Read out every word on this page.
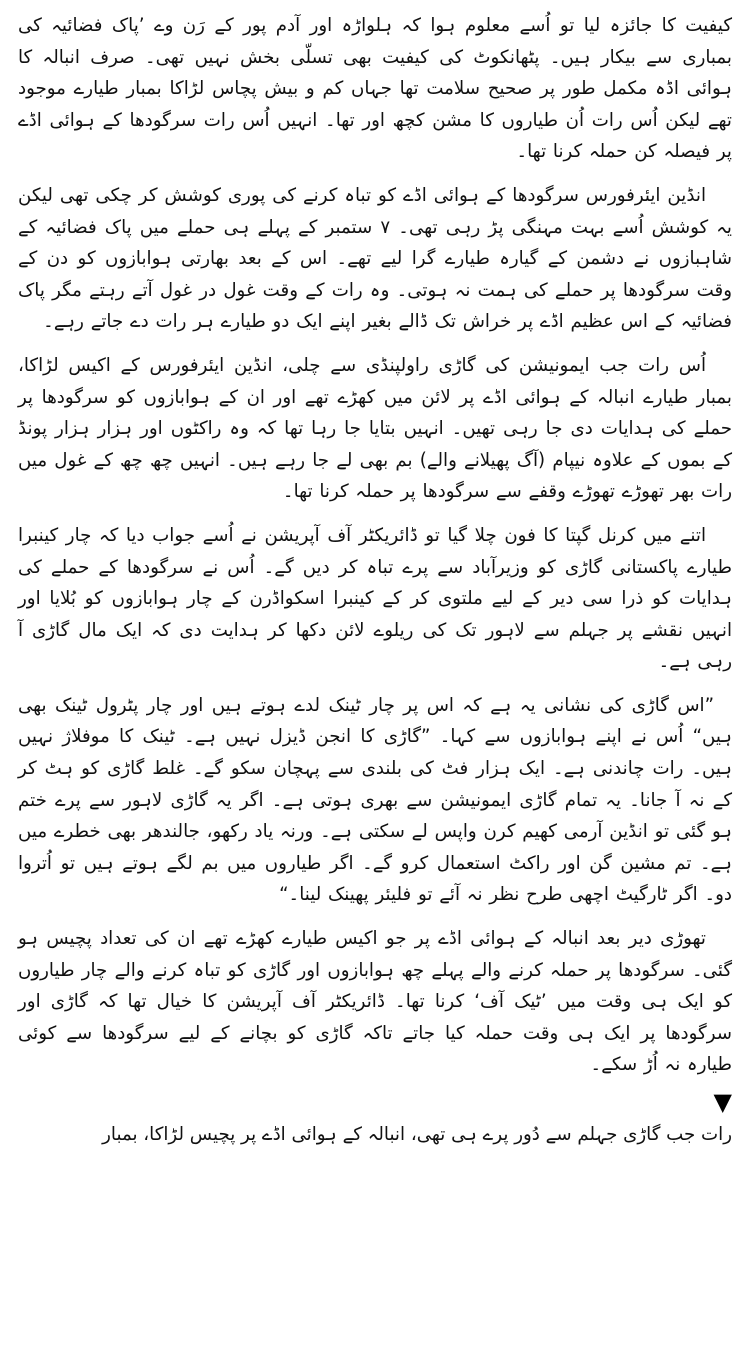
کیفیت کا جائزہ لیا تو اُسے معلوم ہوا کہ ہلواڑہ اور آدم پور کے رَن وے ’پاک فضائیہ کی بمباری سے بیکار ہیں۔ پٹھانکوٹ کی کیفیت بھی تسلّی بخش نہیں تھی۔ صرف انبالہ کا ہوائی اڈہ مکمل طور پر صحیح سلامت تھا جہاں کم و بیش پچاس لڑاکا بمبار طیارے موجود تھے لیکن اُس رات اُن طیاروں کا مشن کچھ اور تھا۔ انہیں اُس رات سرگودھا کے ہوائی اڈے پر فیصلہ کن حملہ کرنا تھا۔

انڈین ایئرفورس سرگودھا کے ہوائی اڈے کو تباہ کرنے کی پوری کوشش کر چکی تھی لیکن یہ کوشش اُسے بہت مہنگی پڑ رہی تھی۔ ۷ ستمبر کے پہلے ہی حملے میں پاک فضائیہ کے شاہبازوں نے دشمن کے گیارہ طیارے گرا لیے تھے۔ اس کے بعد بھارتی ہوابازوں کو دن کے وقت سرگودھا پر حملے کی ہمت نہ ہوتی۔ وہ رات کے وقت غول در غول آتے رہتے مگر پاک فضائیہ کے اس عظیم اڈے پر خراش تک ڈالے بغیر اپنے ایک دو طیارے ہر رات دے جاتے رہے۔

اُس رات جب ایمونیشن کی گاڑی راولپنڈی سے چلی، انڈین ایئرفورس کے اکیس لڑاکا، بمبار طیارے انبالہ کے ہوائی اڈے پر لائن میں کھڑے تھے اور ان کے ہوابازوں کو سرگودھا پر حملے کی ہدایات دی جا رہی تھیں۔ انہیں بتایا جا رہا تھا کہ وہ راکٹوں اور ہزار ہزار پونڈ کے بموں کے علاوہ نیپام (آگ پھیلانے والے) بم بھی لے جا رہے ہیں۔ انہیں چھ چھ کے غول میں رات بھر تھوڑے تھوڑے وقفے سے سرگودھا پر حملہ کرنا تھا۔

اتنے میں کرنل گپتا کا فون چلا گیا تو ڈائریکٹر آف آپریشن نے اُسے جواب دیا کہ چار کینبرا طیارے پاکستانی گاڑی کو وزیرآباد سے پرے تباہ کر دیں گے۔ اُس نے سرگودھا کے حملے کی ہدایات کو ذرا سی دیر کے لیے ملتوی کر کے کینبرا اسکواڈرن کے چار ہوابازوں کو بُلایا اور انہیں نقشے پر جہلم سے لاہور تک کی ریلوے لائن دکھا کر ہدایت دی کہ ایک مال گاڑی آ رہی ہے۔

”اس گاڑی کی نشانی یہ ہے کہ اس پر چار ٹینک لدے ہوتے ہیں اور چار پٹرول ٹینک بھی ہیں“ اُس نے اپنے ہوابازوں سے کہا۔ ”گاڑی کا انجن ڈیزل نہیں ہے۔ ٹینک کا موفلاژ نہیں ہیں۔ رات چاندنی ہے۔ ایک ہزار فٹ کی بلندی سے پہچان سکو گے۔ غلط گاڑی کو ہٹ کر کے نہ آ جانا۔ یہ تمام گاڑی ایمونیشن سے بھری ہوتی ہے۔ اگر یہ گاڑی لاہور سے پرے ختم ہو گئی تو انڈین آرمی کھیم کرن واپس لے سکتی ہے۔ ورنہ یاد رکھو، جالندھر بھی خطرے میں ہے۔ تم مشین گن اور راکٹ استعمال کرو گے۔ اگر طیاروں میں بم لگے ہوتے ہیں تو اُتروا دو۔ اگر ٹارگیٹ اچھی طرح نظر نہ آئے تو فلیئر پھینک لینا۔“

تھوڑی دیر بعد انبالہ کے ہوائی اڈے پر جو اکیس طیارے کھڑے تھے ان کی تعداد پچیس ہو گئی۔ سرگودھا پر حملہ کرنے والے پہلے چھ ہوابازوں اور گاڑی کو تباہ کرنے والے چار طیاروں کو ایک ہی وقت میں ’ٹیک آف‘ کرنا تھا۔ ڈائریکٹر آف آپریشن کا خیال تھا کہ گاڑی اور سرگودھا پر ایک ہی وقت حملہ کیا جاتے تاکہ گاڑی کو بچانے کے لیے سرگودھا سے کوئی طیارہ نہ اُڑ سکے۔

▼

رات جب گاڑی جہلم سے دُور پرے ہی تھی، انبالہ کے ہوائی اڈے پر پچیس لڑاکا، بمبار
